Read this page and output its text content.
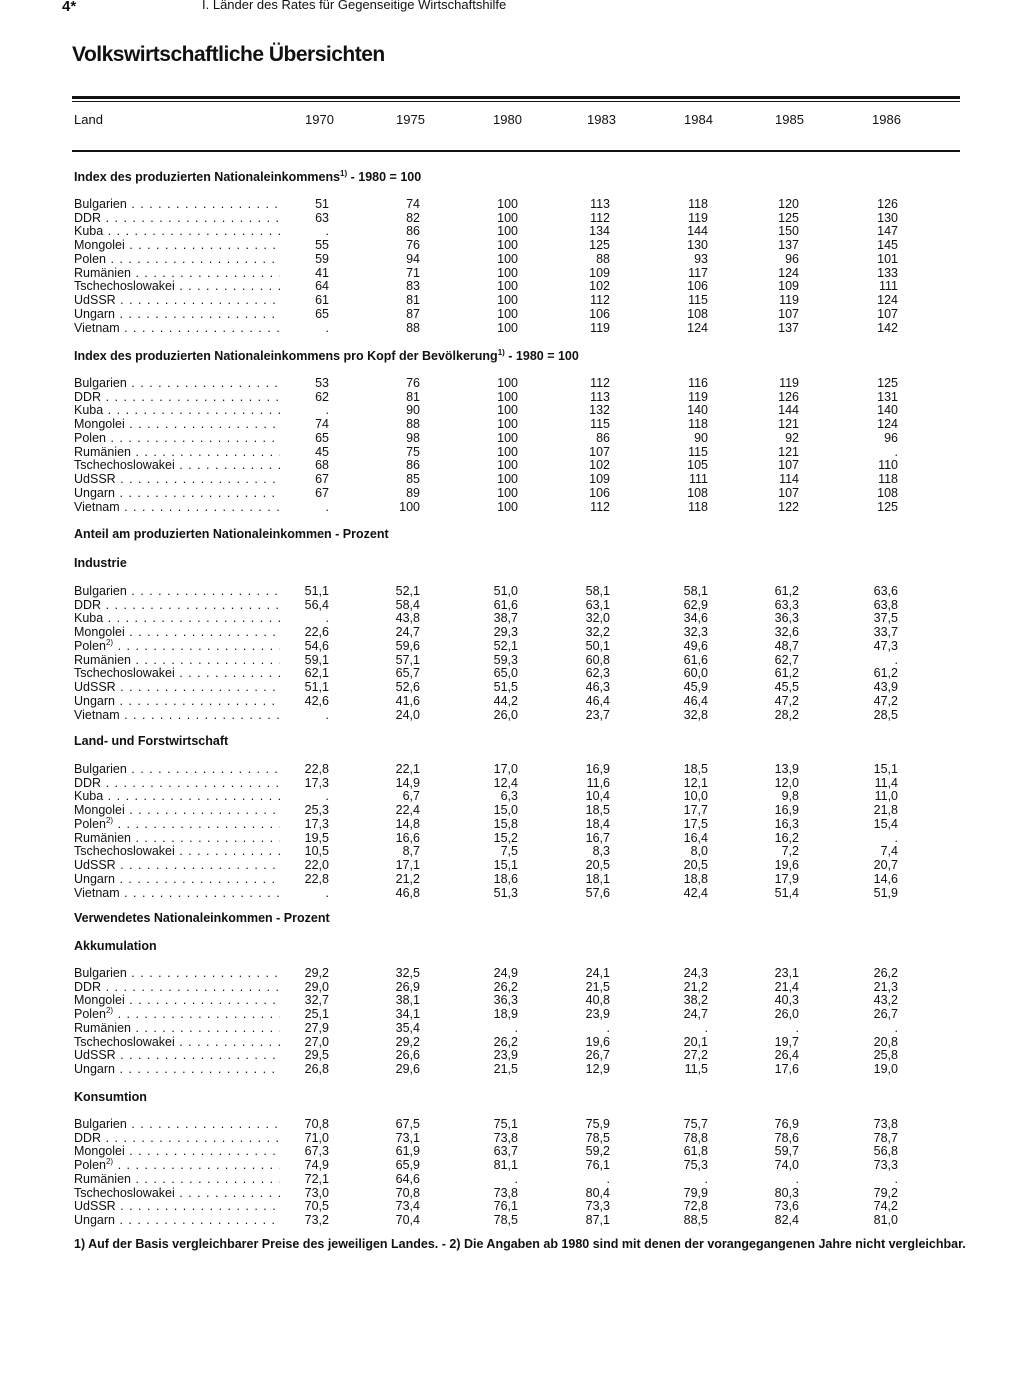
4*	I. Länder des Rates für Gegenseitige Wirtschaftshilfe
Volkswirtschaftliche Übersichten
Land	1970	1975	1980	1983	1984	1985	1986
Index des produzierten Nationaleinkommens$^{1)}$ - 1980 = 100
Bulgarien . . .	51	74	100	113	118	120	126
DDR . . .	63	82	100	112	119	125	130
Kuba . . .	.	86	100	134	144	150	147
Mongolei . . .	55	76	100	125	130	137	145
Polen . . .	59	94	100	88	93	96	101
Rumänien . . .	41	71	100	109	117	124	133
Tschechoslowakei . . .	64	83	100	102	106	109	111
UdSSR . . .	61	81	100	112	115	119	124
Ungarn . . .	65	87	100	106	108	107	107
Vietnam . . .	.	88	100	119	124	137	142
Index des produzierten Nationaleinkommens pro Kopf der Bevölkerung$^{1)}$ - 1980 = 100
Bulgarien . . .	53	76	100	112	116	119	125
DDR . . .	62	81	100	113	119	126	131
Kuba . . .	.	90	100	132	140	144	140
Mongolei . . .	74	88	100	115	118	121	124
Polen . . .	65	98	100	86	90	92	96
Rumänien . . .	45	75	100	107	115	121	.
Tschechoslowakei . . .	68	86	100	102	105	107	110
UdSSR . . .	67	85	100	109	111	114	118
Ungarn . . .	67	89	100	106	108	107	108
Vietnam . . .	.	100	100	112	118	122	125
Anteil am produzierten Nationaleinkommen - Prozent
Industrie
Bulgarien . . .	51,1	52,1	51,0	58,1	58,1	61,2	63,6
DDR . . .	56,4	58,4	61,6	63,1	62,9	63,3	63,8
Kuba . . .	.	43,8	38,7	32,0	34,6	36,3	37,5
Mongolei . . .	22,6	24,7	29,3	32,2	32,3	32,6	33,7
Polen$^{2)}$ . . .	54,6	59,6	52,1	50,1	49,6	48,7	47,3
Rumänien . . .	59,1	57,1	59,3	60,8	61,6	62,7	.
Tschechoslowakei . . .	62,1	65,7	65,0	62,3	60,0	61,2	61,2
UdSSR . . .	51,1	52,6	51,5	46,3	45,9	45,5	43,9
Ungarn . . .	42,6	41,6	44,2	46,4	46,4	47,2	47,2
Vietnam . . .	.	24,0	26,0	23,7	32,8	28,2	28,5
Land- und Forstwirtschaft
Bulgarien . . .	22,8	22,1	17,0	16,9	18,5	13,9	15,1
DDR . . .	17,3	14,9	12,4	11,6	12,1	12,0	11,4
Kuba . . .	.	6,7	6,3	10,4	10,0	9,8	11,0
Mongolei . . .	25,3	22,4	15,0	18,5	17,7	16,9	21,8
Polen$^{2)}$ . . .	17,3	14,8	15,8	18,4	17,5	16,3	15,4
Rumänien . . .	19,5	16,6	15,2	16,7	16,4	16,2	.
Tschechoslowakei . . .	10,5	8,7	7,5	8,3	8,0	7,2	7,4
UdSSR . . .	22,0	17,1	15,1	20,5	20,5	19,6	20,7
Ungarn . . .	22,8	21,2	18,6	18,1	18,8	17,9	14,6
Vietnam . . .	.	46,8	51,3	57,6	42,4	51,4	51,9
Verwendetes Nationaleinkommen - Prozent
Akkumulation
Bulgarien . . .	29,2	32,5	24,9	24,1	24,3	23,1	26,2
DDR . . .	29,0	26,9	26,2	21,5	21,2	21,4	21,3
Mongolei . . .	32,7	38,1	36,3	40,8	38,2	40,3	43,2
Polen$^{2)}$ . . .	25,1	34,1	18,9	23,9	24,7	26,0	26,7
Rumänien . . .	27,9	35,4	.	.	.	.	.
Tschechoslowakei . . .	27,0	29,2	26,2	19,6	20,1	19,7	20,8
UdSSR . . .	29,5	26,6	23,9	26,7	27,2	26,4	25,8
Ungarn . . .	26,8	29,6	21,5	12,9	11,5	17,6	19,0
Konsumtion
Bulgarien . . .	70,8	67,5	75,1	75,9	75,7	76,9	73,8
DDR . . .	71,0	73,1	73,8	78,5	78,8	78,6	78,7
Mongolei . . .	67,3	61,9	63,7	59,2	61,8	59,7	56,8
Polen$^{2)}$ . . .	74,9	65,9	81,1	76,1	75,3	74,0	73,3
Rumänien . . .	72,1	64,6	.	.	.	.	.
Tschechoslowakei . . .	73,0	70,8	73,8	80,4	79,9	80,3	79,2
UdSSR . . .	70,5	73,4	76,1	73,3	72,8	73,6	74,2
Ungarn . . .	73,2	70,4	78,5	87,1	88,5	82,4	81,0
1) Auf der Basis vergleichbarer Preise des jeweiligen Landes. - 2) Die Angaben ab 1980 sind mit denen der vorangegangenen Jahre nicht vergleichbar.
